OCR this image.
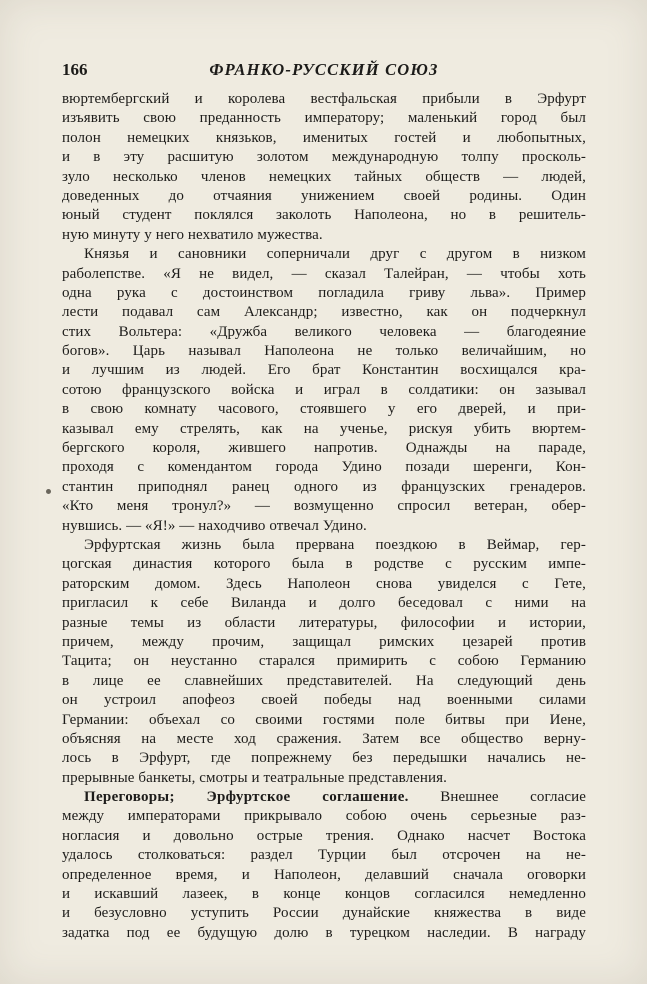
166	ФРАНКО-РУССКИЙ СОЮЗ
вюртембергский и королева вестфальская прибыли в Эрфурт
изъявить свою преданность императору; маленький город был
полон немецких князьков, именитых гостей и любопытных,
и в эту расшитую золотом международную толпу просколь-
зуло несколько членов немецких тайных обществ — людей,
доведенных до отчаяния унижением своей родины. Один
юный студент поклялся заколоть Наполеона, но в решитель-
ную минуту у него нехватило мужества.
Князья и сановники соперничали друг с другом в низком
раболепстве. «Я не видел, — сказал Талейран, — чтобы хоть
одна рука с достоинством погладила гриву льва». Пример
лести подавал сам Александр; известно, как он подчеркнул
стих Вольтера: «Дружба великого человека — благодеяние
богов». Царь называл Наполеона не только величайшим, но
и лучшим из людей. Его брат Константин восхищался кра-
сотою французского войска и играл в солдатики: он зазывал
в свою комнату часового, стоявшего у его дверей, и при-
казывал ему стрелять, как на ученье, рискуя убить вюртем-
бергского короля, жившего напротив. Однажды на параде,
проходя с комендантом города Удино позади шеренги, Кон-
стантин приподнял ранец одного из французских гренадеров.
«Кто меня тронул?» — возмущенно спросил ветеран, обер-
нувшись. — «Я!» — находчиво отвечал Удино.
Эрфуртская жизнь была прервана поездкою в Веймар, гер-
цогская династия которого была в родстве с русским импе-
раторским домом. Здесь Наполеон снова увиделся с Гете,
пригласил к себе Виланда и долго беседовал с ними на
разные темы из области литературы, философии и истории,
причем, между прочим, защищал римских цезарей против
Тацита; он неустанно старался примирить с собою Германию
в лице ее славнейших представителей. На следующий день
он устроил апофеоз своей победы над военными силами
Германии: объехал со своими гостями поле битвы при Иене,
объясняя на месте ход сражения. Затем все общество верну-
лось в Эрфурт, где попрежнему без передышки начались не-
прерывные банкеты, смотры и театральные представления.
Переговоры; Эрфуртское соглашение. Внешнее согласие
между императорами прикрывало собою очень серьезные раз-
ногласия и довольно острые трения. Однако насчет Востока
удалось столковаться: раздел Турции был отсрочен на не-
определенное время, и Наполеон, делавший сначала оговорки
и искавший лазеек, в конце концов согласился немедленно
и безусловно уступить России дунайские княжества в виде
задатка под ее будущую долю в турецком наследии. В награду
